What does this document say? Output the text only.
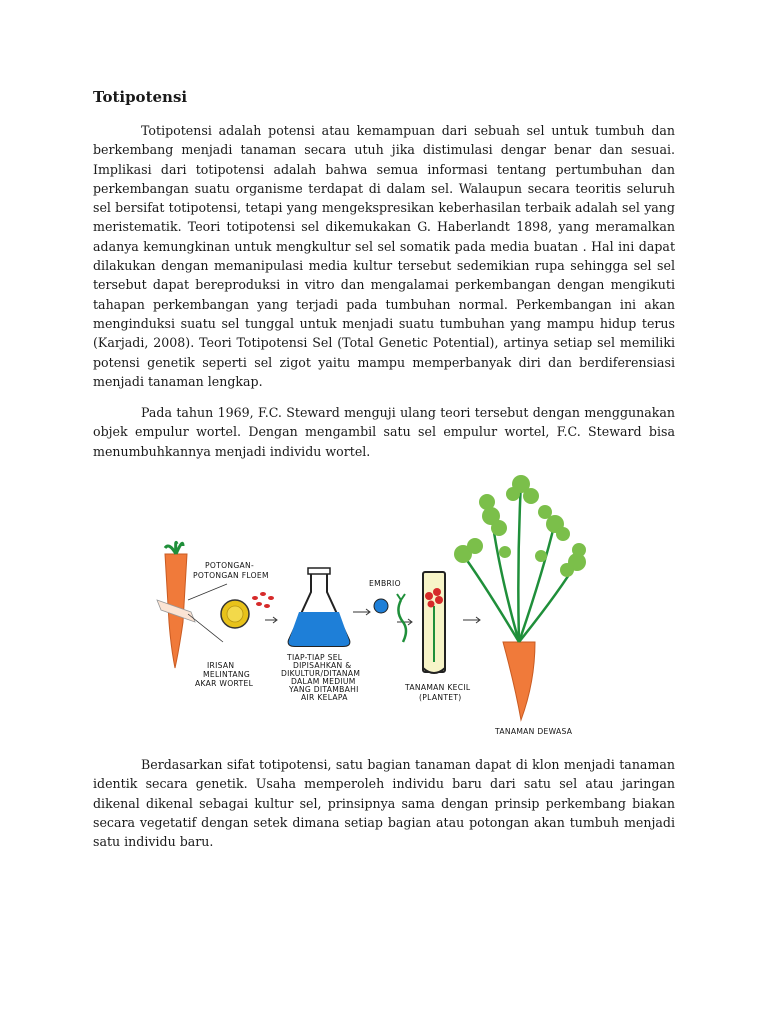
Totipotensi

Totipotensi adalah potensi atau kemampuan dari sebuah sel untuk tumbuh dan berkembang menjadi tanaman secara utuh jika distimulasi dengar benar dan sesuai. Implikasi dari totipotensi adalah bahwa semua informasi tentang pertumbuhan dan perkembangan suatu organisme terdapat di dalam sel. Walaupun secara teoritis seluruh sel bersifat totipotensi, tetapi yang mengekspresikan keberhasilan terbaik adalah sel yang meristematik. Teori totipotensi sel dikemukakan G. Haberlandt 1898, yang meramalkan adanya kemungkinan untuk mengkultur sel sel somatik pada media buatan . Hal ini dapat dilakukan dengan memanipulasi media kultur tersebut sedemikian rupa sehingga sel sel tersebut dapat bereproduksi in vitro dan mengalamai perkembangan dengan mengikuti tahapan perkembangan yang terjadi pada tumbuhan normal. Perkembangan ini akan menginduksi suatu sel tunggal untuk menjadi suatu tumbuhan yang mampu hidup terus (Karjadi, 2008). Teori Totipotensi Sel (Total Genetic Potential), artinya setiap sel memiliki potensi genetik seperti sel zigot yaitu mampu memperbanyak diri dan berdiferensiasi menjadi tanaman lengkap.

Pada tahun 1969, F.C. Steward menguji ulang teori tersebut dengan menggunakan objek empulur wortel. Dengan mengambil satu sel empulur wortel, F.C. Steward bisa menumbuhkannya menjadi individu wortel.

POTONGAN-
POTONGAN FLOEM
IRISAN
MELINTANG
AKAR WORTEL
EMBRIO
TIAP-TIAP SEL
DIPISAHKAN &
DIKULTUR/DITANAM
DALAM MEDIUM
YANG DITAMBAHI
AIR KELAPA
TANAMAN KECIL
(PLANTET)
TANAMAN DEWASA

Berdasarkan sifat totipotensi, satu bagian tanaman dapat di klon menjadi tanaman identik secara genetik. Usaha memperoleh individu baru dari satu sel atau jaringan dikenal dikenal sebagai kultur sel, prinsipnya sama dengan prinsip perkembang biakan secara vegetatif dengan setek dimana setiap bagian atau potongan akan tumbuh menjadi satu individu baru.
